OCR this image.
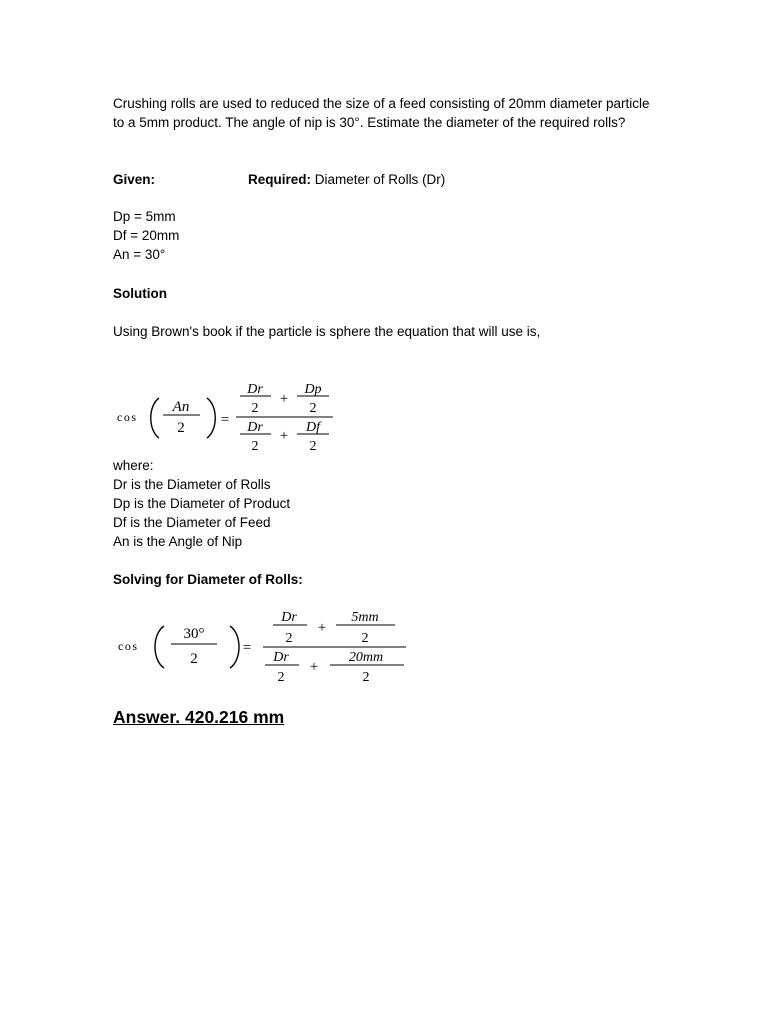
Crushing rolls are used to reduced the size of a feed consisting of 20mm diameter particle to a 5mm product. The angle of nip is 30°. Estimate the diameter of the required rolls?
Given:	Required: Diameter of Rolls (Dr)
Dp = 5mm
Df = 20mm
An = 30°
Solution
Using Brown's book if the particle is sphere the equation that will use is,
cos
An
2 =
Dr
2
+
Dp
2
Dr
2
+
Df
2
where:
Dr is the Diameter of Rolls
Dp is the Diameter of Product
Df is the Diameter of Feed
An is the Angle of Nip
Solving for Diameter of Rolls:
cos
30°
2
=
Dr
2
+
5mm
2
Dr
2
+
20mm
2
Answer. 420.216 mm
